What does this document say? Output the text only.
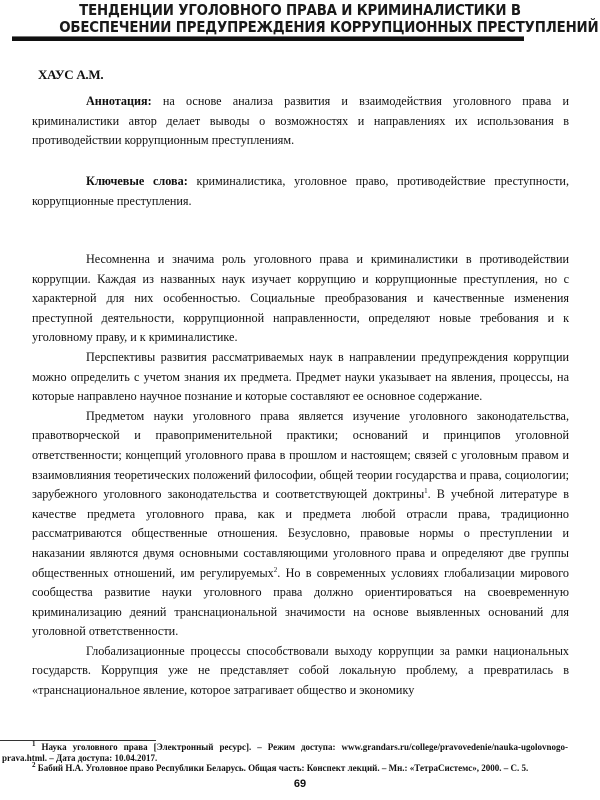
ТЕНДЕНЦИИ УГОЛОВНОГО ПРАВА И КРИМИНАЛИСТИКИ В
ОБЕСПЕЧЕНИИ ПРЕДУПРЕЖДЕНИЯ КОРРУПЦИОННЫХ ПРЕСТУПЛЕНИЙ
ХАУС А.М.
Аннотация: на основе анализа развития и взаимодействия уголовного права и криминалистики автор делает выводы о возможностях и направлениях их использования в противодействии коррупционным преступлениям.
Ключевые слова: криминалистика, уголовное право, противодействие преступности, коррупционные преступления.

Несомненна и значима роль уголовного права и криминалистики в противодействии коррупции. Каждая из названных наук изучает коррупцию и коррупционные преступления, но с характерной для них особенностью. Социальные преобразования и качественные изменения преступной деятельности, коррупционной направленности, определяют новые требования и к уголовному праву, и к криминалистике.

Перспективы развития рассматриваемых наук в направлении предупреждения коррупции можно определить с учетом знания их предмета. Предмет науки указывает на явления, процессы, на которые направлено научное познание и которые составляют ее основное содержание.

Предметом науки уголовного права является изучение уголовного законодательства, правотворческой и правоприменительной практики; оснований и принципов уголовной ответственности; концепций уголовного права в прошлом и настоящем; связей с уголовным правом и взаимовлияния теоретических положений философии, общей теории государства и права, социологии; зарубежного уголовного законодательства и соответствующей доктрины$^1$. В учебной литературе в качестве предмета уголовного права, как и предмета любой отрасли права, традиционно рассматриваются общественные отношения. Безусловно, правовые нормы о преступлении и наказании являются двумя основными составляющими уголовного права и определяют две группы общественных отношений, им регулируемых$^2$. Но в современных условиях глобализации мирового сообщества развитие науки уголовного права должно ориентироваться на своевременную криминализацию деяний транснациональной значимости на основе выявленных оснований для уголовной ответственности.

Глобализационные процессы способствовали выходу коррупции за рамки национальных государств. Коррупция уже не представляет собой локальную проблему, а превратилась в «транснациональное явление, которое затрагивает общество и экономику

$^1$ Наука уголовного права [Электронный ресурс]. – Режим доступа: www.grandars.ru/college/pravovedenie/nauka-ugolovnogo-prava.html. – Дата доступа: 10.04.2017.

$^2$ Бабий Н.А. Уголовное право Республики Беларусь. Общая часть: Конспект лекций. – Мн.: «ТетраСистемс», 2000. – С. 5.

69
